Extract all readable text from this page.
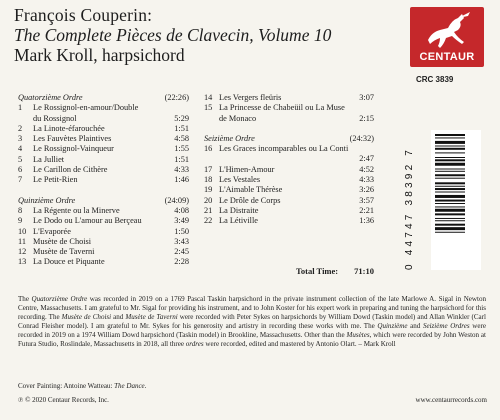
François Couperin:
The Complete Pièces de Clavecin, Volume 10
Mark Kroll, harpsichord	CENTAUR
CRC 3839
0 44747 38392 7
Quatorzième Ordre	(22:26)
1	Le Rossignol-en-amour/Double
du Rossignol	5:29
2	La Linote-éfarouchée	1:51
3	Les Fauvètes Plaintives	4:58
4	Le Rossignol-Vainqueur	1:55
5	La Julliet	1:51
6	Le Carillon de Cithère	4:33
7	Le Petit-Rien	1:46
Quinzième Ordre	(24:09)
8	La Régente ou la Minerve	4:08
9	Le Dodo ou L'amour au Berçeau	3:49
10 L'Evaporée	1:50
11 Musète de Choisi	3:43
12 Musète de Taverni	2:45
13 La Douce et Piquante	2:28
14 Les Vergers fleüris	3:07
15 La Princesse de Chabeüil ou La Muse
de Monaco	2:15
Seizième Ordre	(24:32)
16 Les Graces incomparables ou La Conti
2:47
17 L'Himen-Amour	4:52
18 Les Vestales	4:33
19 L'Aimable Thérèse	3:26
20 Le Drôle de Corps	3:57
21 La Distraite	2:21
22 La Létiville	1:36
Total Time: 71:10
The Quatorzième Ordre was recorded in 2019 on a 1769 Pascal Taskin harpsichord in the private instrument collection of the late Marlowe A. Sigal in Newton Centre, Massachusetts. I am grateful to Mr. Sigal for providing his instrument, and to John Koster for his expert work in preparing and tuning the harpsichord for this recording. The Musète de Choisi and Musète de Taverni were recorded with Peter Sykes on harpsichords by William Dowd (Taskin model) and Allan Winkler (Carl Conrad Fleisher model). I am grateful to Mr. Sykes for his generosity and artistry in recording these works with me. The Quinzième and Seizième Ordres were recorded in 2019 on a 1974 William Dowd harpsichord (Taskin model) in Brookline, Massachusetts. Other than the Musètes, which were recorded by John Weston at Futura Studio, Roslindale, Massachusetts in 2018, all three ordres were recorded, edited and mastered by Antonio Olart. – Mark Kroll
Cover Painting: Antoine Watteau: The Dance.
℗ © 2020 Centaur Records, Inc.	www.centaurrecords.com
